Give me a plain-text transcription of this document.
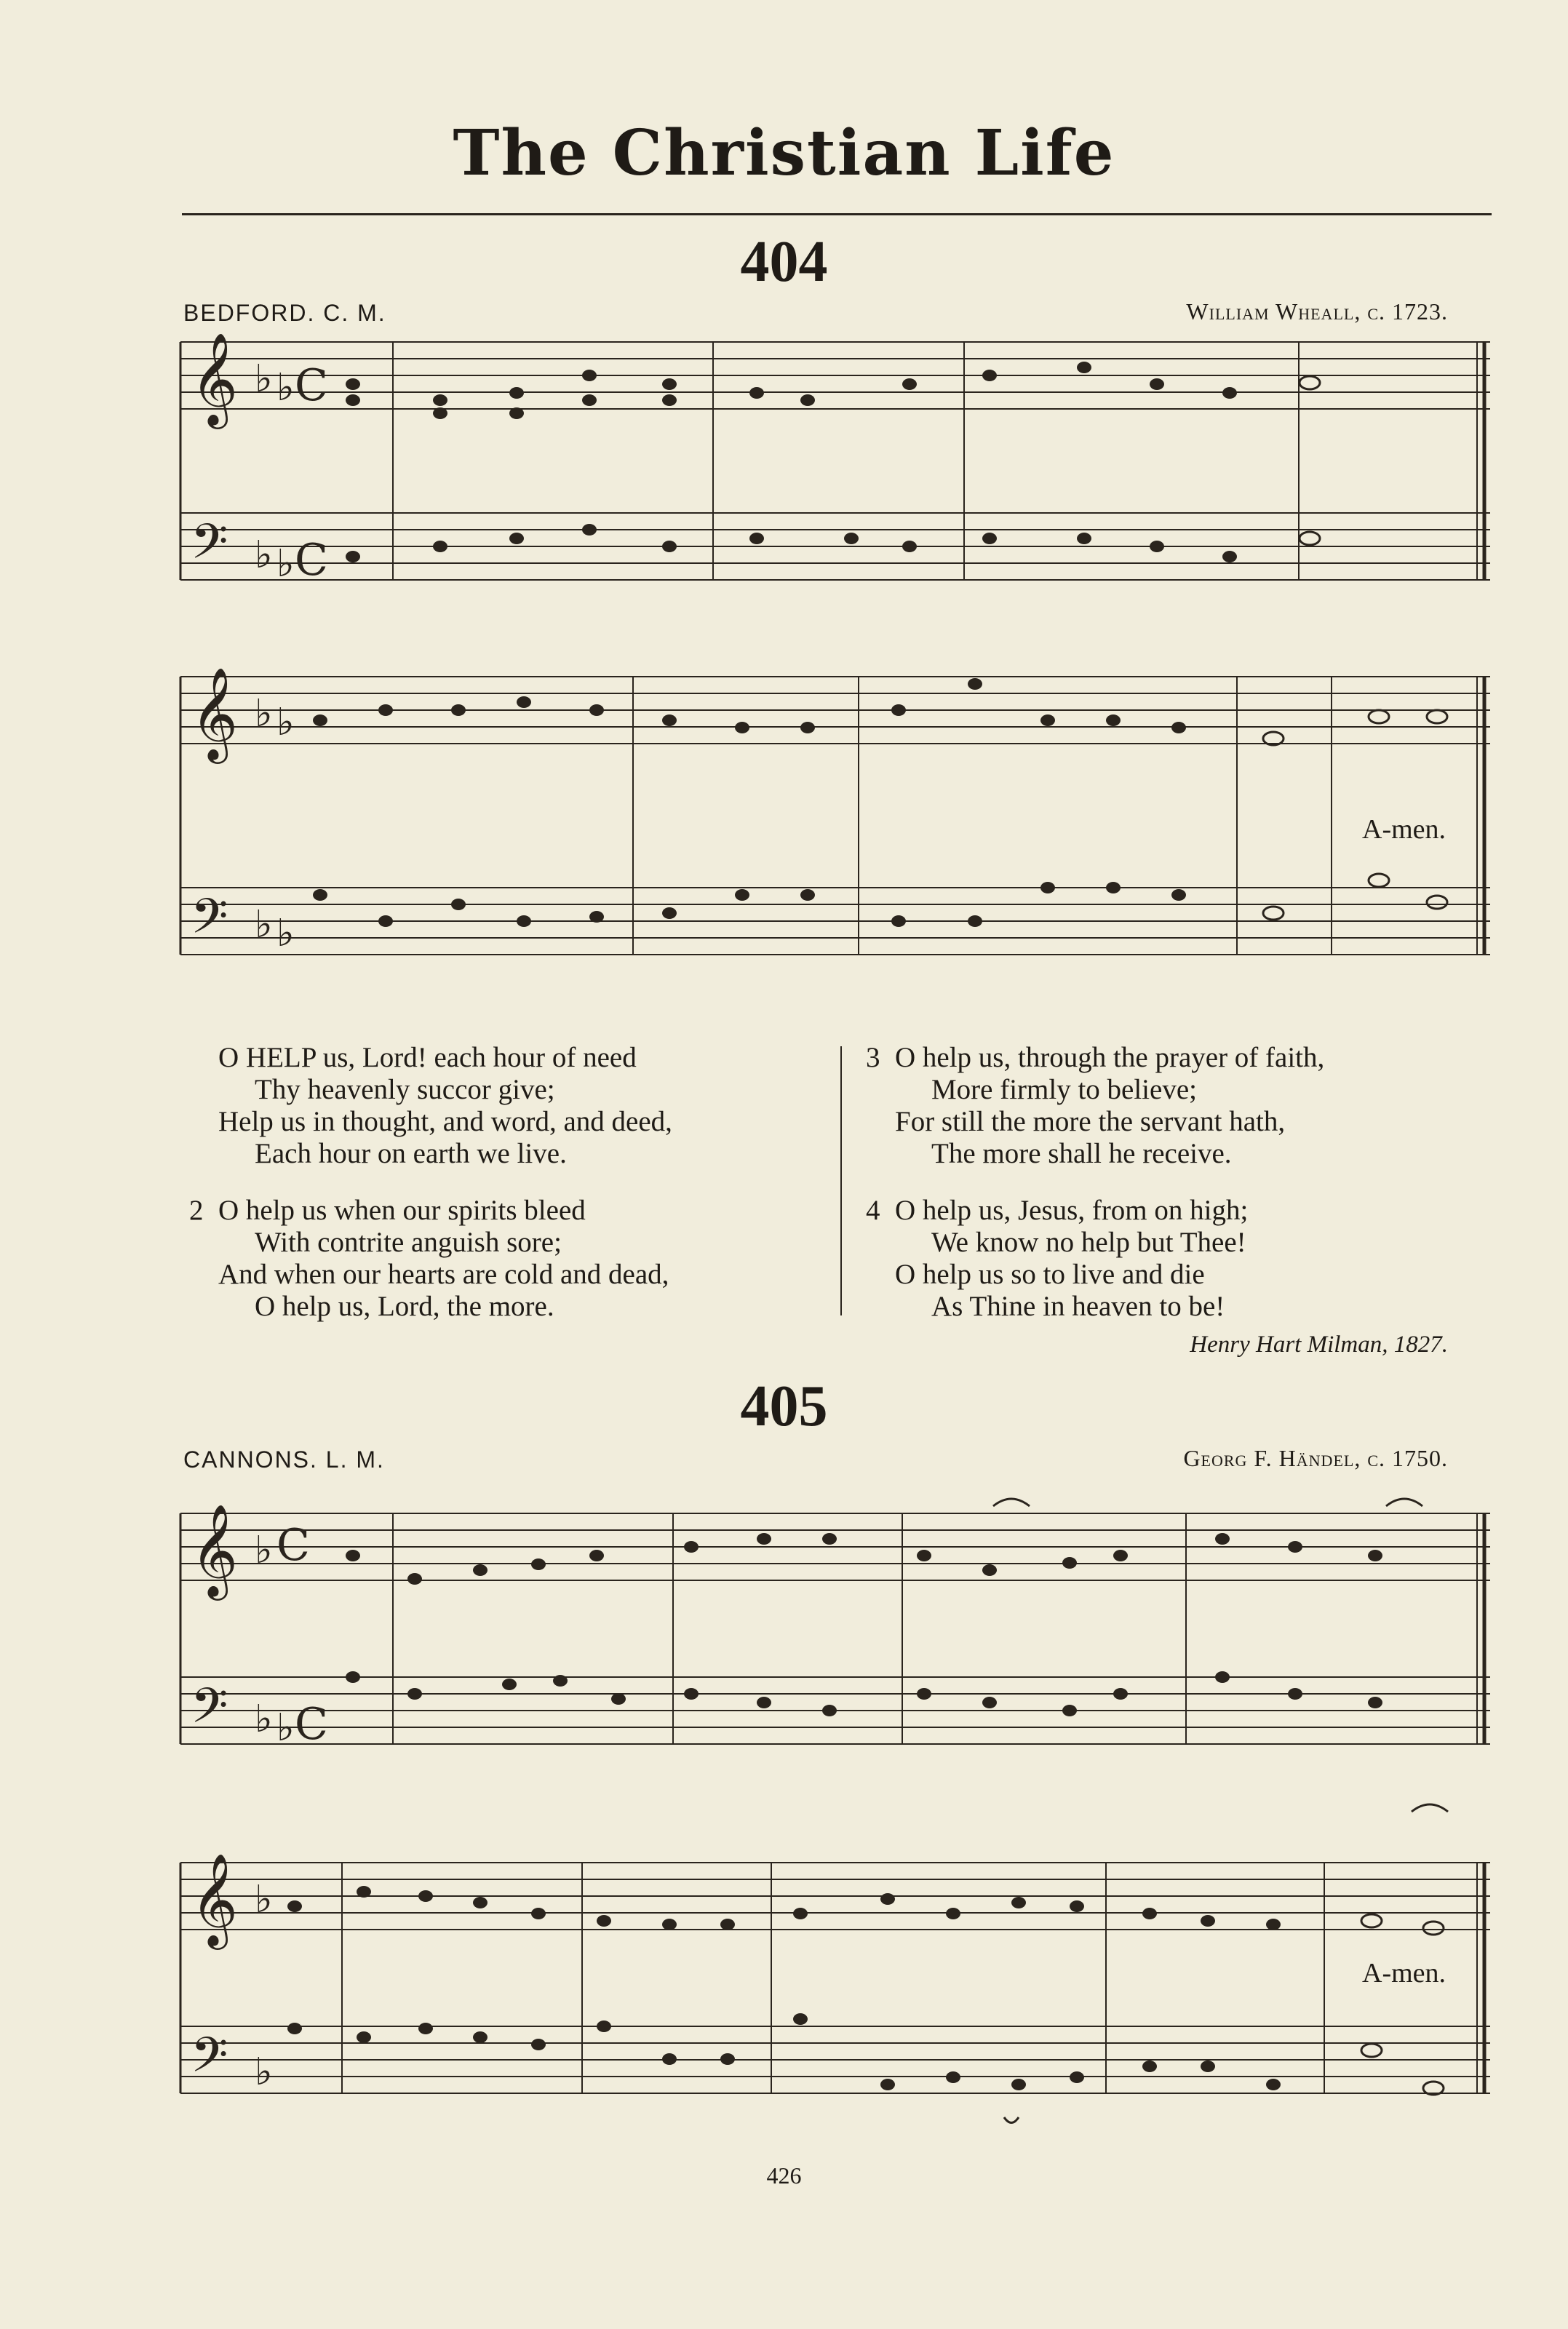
The Christian Life
404
BEDFORD. C. M.	William Wheall, c. 1723.
𝄞
𝄢
𝄞
𝄢
♭ ♭ C
♭ ♭ C
♭ ♭
♭ ♭
A-men.
O HELP us, Lord! each hour of need
Thy heavenly succor give;
Help us in thought, and word, and deed,
Each hour on earth we live.
2 O help us when our spirits bleed
With contrite anguish sore;
And when our hearts are cold and dead,
O help us, Lord, the more.
3 O help us, through the prayer of faith,
More firmly to believe;
For still the more the servant hath,
The more shall he receive.
4 O help us, Jesus, from on high;
We know no help but Thee!
O help us so to live and die
As Thine in heaven to be!
Henry Hart Milman, 1827.
405
CANNONS. L. M.	Georg F. Händel, c. 1750.
𝄞
𝄢
𝄞
𝄢
♭ C
♭ ♭ C
♭
♭
A-men.
426
